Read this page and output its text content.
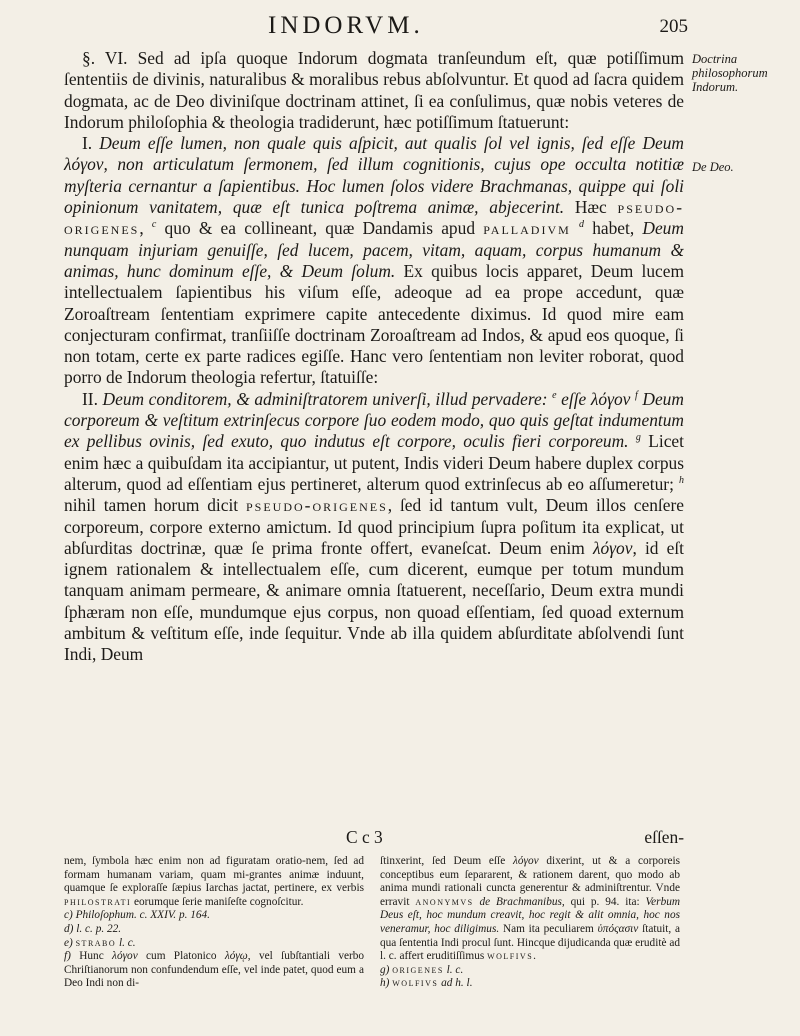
INDORVM.	205
Doctrina philosophorum Indorum.
De Deo.

§. VI. Sed ad ipſa quoque Indorum dogmata tranſeundum eſt, quæ potiſſimum ſententiis de divinis, naturalibus & moralibus rebus abſolvuntur. Et quod ad ſacra quidem dogmata, ac de Deo diviniſque doctrinam attinet, ſi ea conſulimus, quæ nobis veteres de Indorum philoſophia & theologia tradiderunt, hæc potiſſimum ſtatuerunt:

I. Deum eſſe lumen, non quale quis aſpicit, aut qualis ſol vel ignis, ſed eſſe Deum λόγον, non articulatum ſermonem, ſed illum cognitionis, cujus ope occulta notitiæ myſteria cernantur a ſapientibus. Hoc lumen ſolos videre Brachmanas, quippe qui ſoli opinionum vanitatem, quæ eſt tunica poſtrema animæ, abjecerint. Hæc pseudo-origenes, $^c$ quo & ea collineant, quæ Dandamis apud palladivm $^d$ habet, Deum nunquam injuriam genuiſſe, ſed lucem, pacem, vitam, aquam, corpus humanum & animas, hunc dominum eſſe, & Deum ſolum. Ex quibus locis apparet, Deum lucem intellectualem ſapientibus his viſum eſſe, adeoque ad ea prope accedunt, quæ Zoroaſtream ſententiam exprimere capite antecedente diximus. Id quod mire eam conjecturam confirmat, tranſiiſſe doctrinam Zoroaſtream ad Indos, & apud eos quoque, ſi non totam, certe ex parte radices egiſſe. Hanc vero ſententiam non leviter roborat, quod porro de Indorum theologia refertur, ſtatuiſſe:

II. Deum conditorem, & adminiſtratorem univerſi, illud pervadere: $^e$ eſſe λόγον $^f$ Deum corporeum & veſtitum extrinſecus corpore ſuo eodem modo, quo quis geſtat indumentum ex pellibus ovinis, ſed exuto, quo indutus eſt corpore, oculis fieri corporeum. $^g$ Licet enim hæc a quibuſdam ita accipiantur, ut putent, Indis videri Deum habere duplex corpus alterum, quod ad eſſentiam ejus pertineret, alterum quod extrinſecus ab eo aſſumeretur; $^h$ nihil tamen horum dicit pseudo-origenes, ſed id tantum vult, Deum illos cenſere corporeum, corpore externo amictum. Id quod principium ſupra poſitum ita explicat, ut abſurditas doctrinæ, quæ ſe prima fronte offert, evaneſcat. Deum enim λόγον, id eſt ignem rationalem & intellectualem eſſe, cum dicerent, eumque per totum mundum tanquam animam permeare, & animare omnia ſtatuerent, neceſſario, Deum extra mundi ſphæram non eſſe, mundumque ejus corpus, non quoad eſſentiam, ſed quoad externum ambitum & veſtitum eſſe, inde ſequitur. Vnde ab illa quidem abſurditate abſolvendi ſunt Indi, Deum

C c 3	eſſen-

nem, ſymbola hæc enim non ad figuratam oratio-nem, ſed ad formam humanam variam, quam mi-grantes animæ induunt, quamque ſe exploraſſe ſæpius Iarchas jactat, pertinere, ex verbis philostrati eorumque ſerie maniſeſte cognoſcitur.

c) Philoſophum. c. XXIV. p. 164.

d) l. c. p. 22.

e) strabo l. c.

f) Hunc λόγον cum Platonico λόγῳ, vel ſubſtantiali verbo Chriſtianorum non confundendum eſſe, vel inde patet, quod eum a Deo Indi non di-

ſtinxerint, ſed Deum eſſe λόγον dixerint, ut & a corporeis conceptibus eum ſepararent, & rationem darent, quo modo ab anima mundi rationali cuncta generentur & adminiſtrentur. Vnde erravit anonymvs de Brachmanibus, qui p. 94. ita: Verbum Deus eſt, hoc mundum creavit, hoc regit & alit omnia, hoc nos veneramur, hoc diligimus. Nam ita peculiarem ὑπόςασιν ſtatuit, a qua ſententia Indi procul ſunt. Hincque dijudicanda quæ eruditè ad l. c. affert eruditiſſimus wolfivs.

g) origenes l. c.

h) wolfivs ad h. l.
